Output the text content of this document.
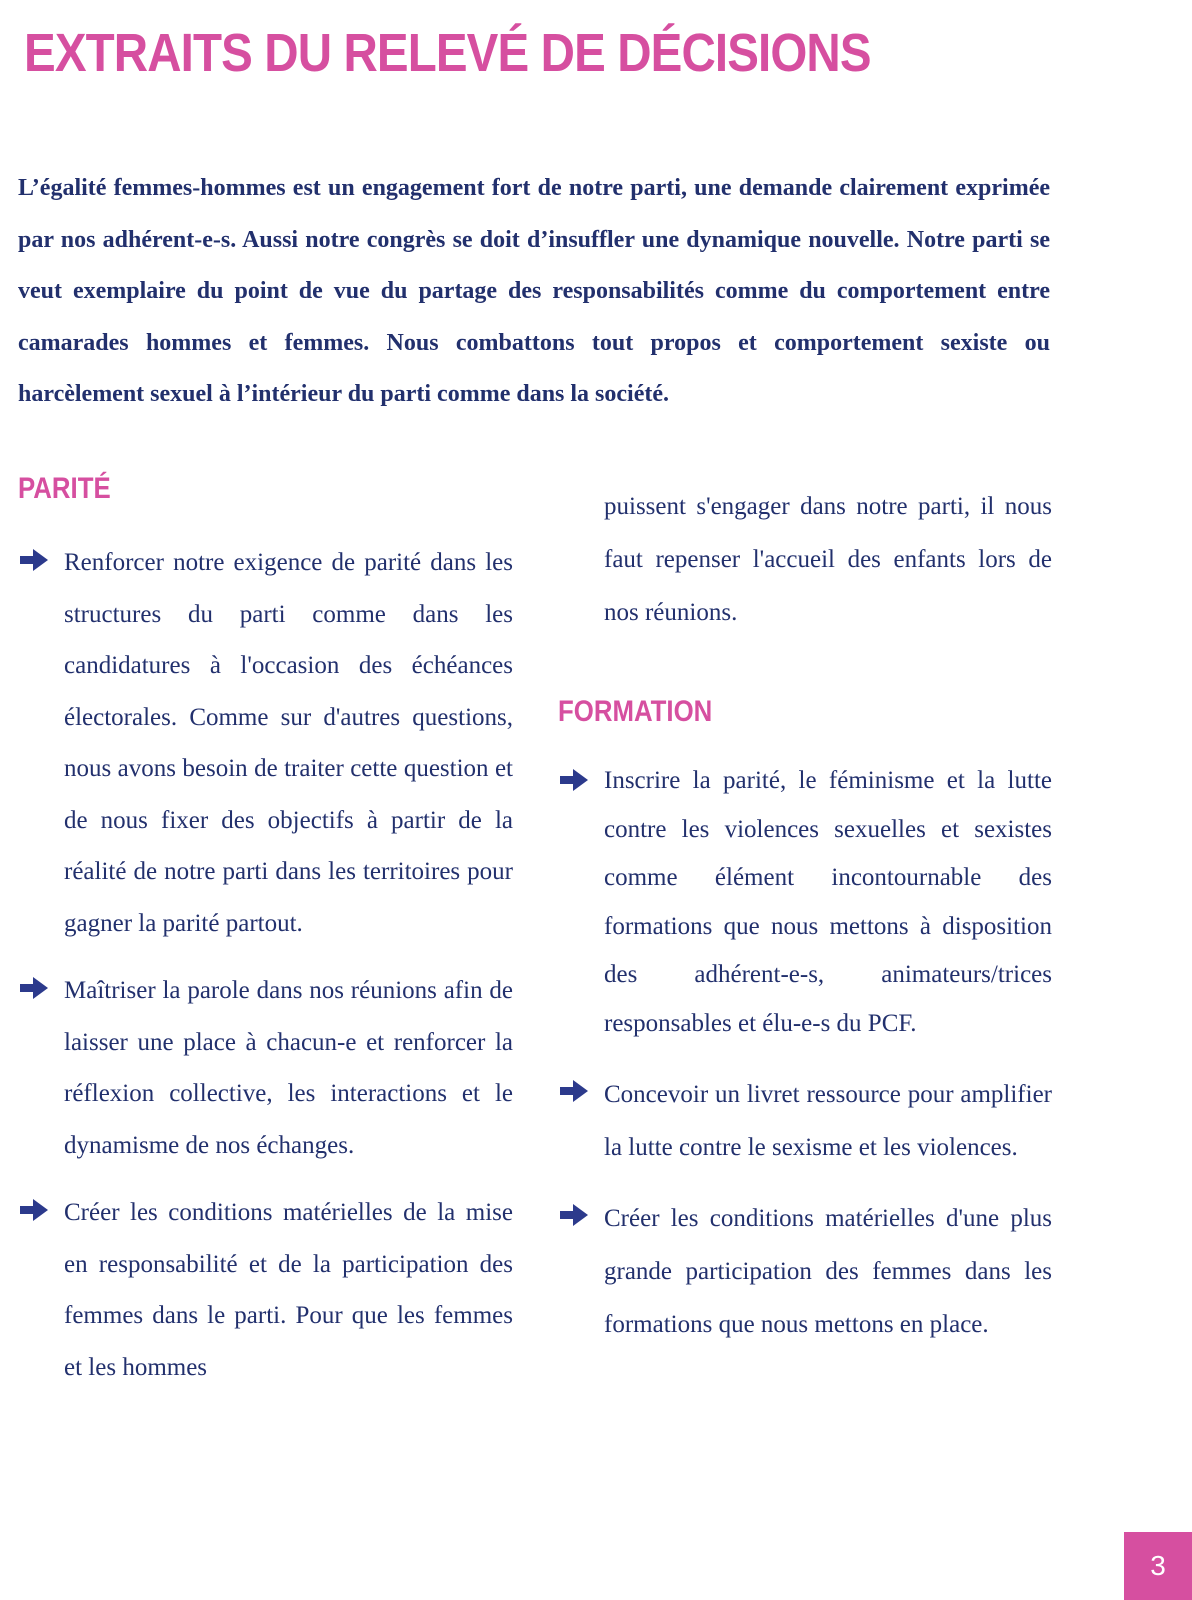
EXTRAITS DU RELEVÉ DE DÉCISIONS

L’égalité femmes-hommes est un engagement fort de notre parti, une demande clairement exprimée par nos adhérent-e-s. Aussi notre congrès se doit d’insuffler une dynamique nouvelle. Notre parti se veut exemplaire du point de vue du partage des responsabilités comme du comportement entre camarades hommes et femmes. Nous combattons tout propos et comportement sexiste ou harcèlement sexuel à l’intérieur du parti comme dans la société.

PARITÉ

Renforcer notre exigence de parité dans les structures du parti comme dans les candidatures à l'occasion des échéances électorales. Comme sur d'autres questions, nous avons besoin de traiter cette question et de nous fixer des objectifs à partir de la réalité de notre parti dans les territoires pour gagner la parité partout.

Maîtriser la parole dans nos réunions afin de laisser une place à chacun-e et renforcer la réflexion collective, les interactions et le dynamisme de nos échanges.

Créer les conditions matérielles de la mise en responsabilité et de la participation des femmes dans le parti. Pour que les femmes et les hommes

puissent s'engager dans notre parti, il nous faut repenser l'accueil des enfants lors de nos réunions.

FORMATION

Inscrire la parité, le féminisme et la lutte contre les violences sexuelles et sexistes comme élément incontournable des formations que nous mettons à disposition des adhérent-e-s, animateurs/trices responsables et élu-e-s du PCF.

Concevoir un livret ressource pour amplifier la lutte contre le sexisme et les violences.

Créer les conditions matérielles d'une plus grande participation des femmes dans les formations que nous mettons en place.

3
